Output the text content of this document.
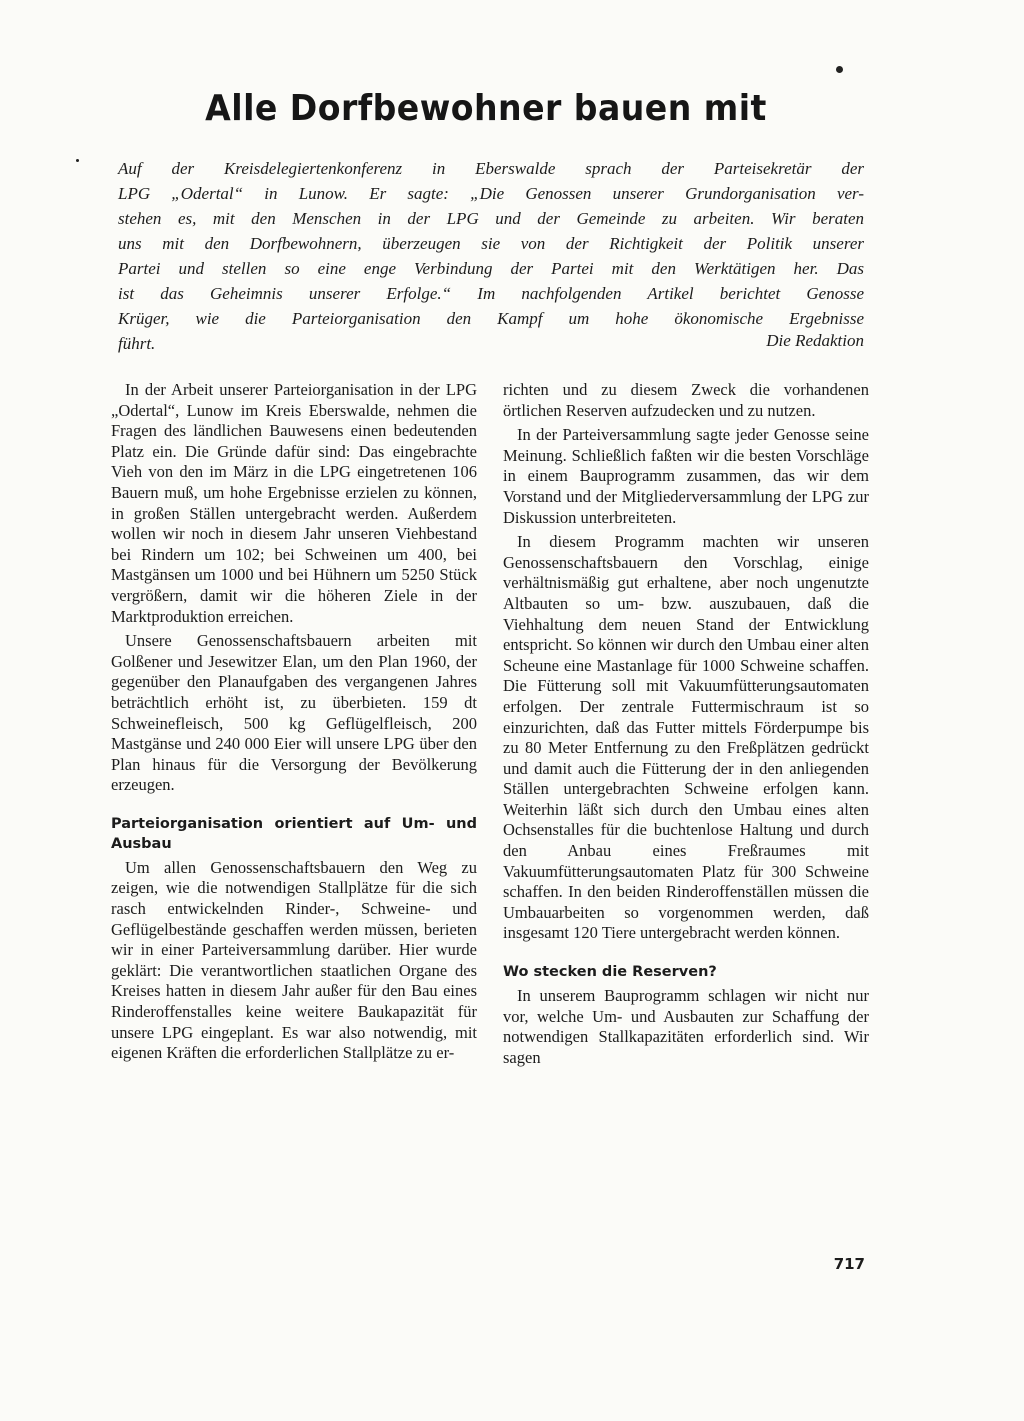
Alle Dorfbewohner bauen mit
Auf der Kreisdelegiertenkonferenz in Eberswalde sprach der Parteisekretär der
LPG „Odertal“ in Lunow. Er sagte: „Die Genossen unserer Grundorganisation ver-
stehen es, mit den Menschen in der LPG und der Gemeinde zu arbeiten. Wir beraten
uns mit den Dorfbewohnern, überzeugen sie von der Richtigkeit der Politik unserer
Partei und stellen so eine enge Verbindung der Partei mit den Werktätigen her. Das
ist das Geheimnis unserer Erfolge.“ Im nachfolgenden Artikel berichtet Genosse
Krüger, wie die Parteiorganisation den Kampf um hohe ökonomische Ergebnisse
führt.	Die Redaktion

In der Arbeit unserer Parteiorganisation in der LPG „Odertal“, Lunow im Kreis Eberswalde, nehmen die Fragen des ländlichen Bauwesens einen bedeutenden Platz ein. Die Gründe dafür sind: Das eingebrachte Vieh von den im März in die LPG eingetretenen 106 Bauern muß, um hohe Ergebnisse erzielen zu können, in großen Ställen untergebracht werden. Außerdem wollen wir noch in diesem Jahr unseren Viehbestand bei Rindern um 102; bei Schweinen um 400, bei Mastgänsen um 1000 und bei Hühnern um 5250 Stück vergrößern, damit wir die höheren Ziele in der Marktproduktion erreichen.

Unsere Genossenschaftsbauern arbeiten mit Golßener und Jesewitzer Elan, um den Plan 1960, der gegenüber den Planaufgaben des vergangenen Jahres beträchtlich erhöht ist, zu überbieten. 159 dt Schweinefleisch, 500 kg Geflügelfleisch, 200 Mastgänse und 240 000 Eier will unsere LPG über den Plan hinaus für die Versorgung der Bevölkerung erzeugen.

Parteiorganisation orientiert auf Um- und Ausbau

Um allen Genossenschaftsbauern den Weg zu zeigen, wie die notwendigen Stallplätze für die sich rasch entwickelnden Rinder-, Schweine- und Geflügelbestände geschaffen werden müssen, berieten wir in einer Parteiversammlung darüber. Hier wurde geklärt: Die verantwortlichen staatlichen Organe des Kreises hatten in diesem Jahr außer für den Bau eines Rinderoffenstalles keine weitere Baukapazität für unsere LPG eingeplant. Es war also notwendig, mit eigenen Kräften die erforderlichen Stallplätze zu er-

richten und zu diesem Zweck die vorhandenen örtlichen Reserven aufzudecken und zu nutzen.

In der Parteiversammlung sagte jeder Genosse seine Meinung. Schließlich faßten wir die besten Vorschläge in einem Bauprogramm zusammen, das wir dem Vorstand und der Mitgliederversammlung der LPG zur Diskussion unterbreiteten.

In diesem Programm machten wir unseren Genossenschaftsbauern den Vorschlag, einige verhältnismäßig gut erhaltene, aber noch ungenutzte Altbauten so um- bzw. auszubauen, daß die Viehhaltung dem neuen Stand der Entwicklung entspricht. So können wir durch den Umbau einer alten Scheune eine Mastanlage für 1000 Schweine schaffen. Die Fütterung soll mit Vakuumfütterungsautomaten erfolgen. Der zentrale Futtermischraum ist so einzurichten, daß das Futter mittels Förderpumpe bis zu 80 Meter Entfernung zu den Freßplätzen gedrückt und damit auch die Fütterung der in den anliegenden Ställen untergebrachten Schweine erfolgen kann. Weiterhin läßt sich durch den Umbau eines alten Ochsenstalles für die buchtenlose Haltung und durch den Anbau eines Freßraumes mit Vakuumfütterungsautomaten Platz für 300 Schweine schaffen. In den beiden Rinderoffenställen müssen die Umbauarbeiten so vorgenommen werden, daß insgesamt 120 Tiere untergebracht werden können.

Wo stecken die Reserven?

In unserem Bauprogramm schlagen wir nicht nur vor, welche Um- und Ausbauten zur Schaffung der notwendigen Stallkapazitäten erforderlich sind. Wir sagen

717
